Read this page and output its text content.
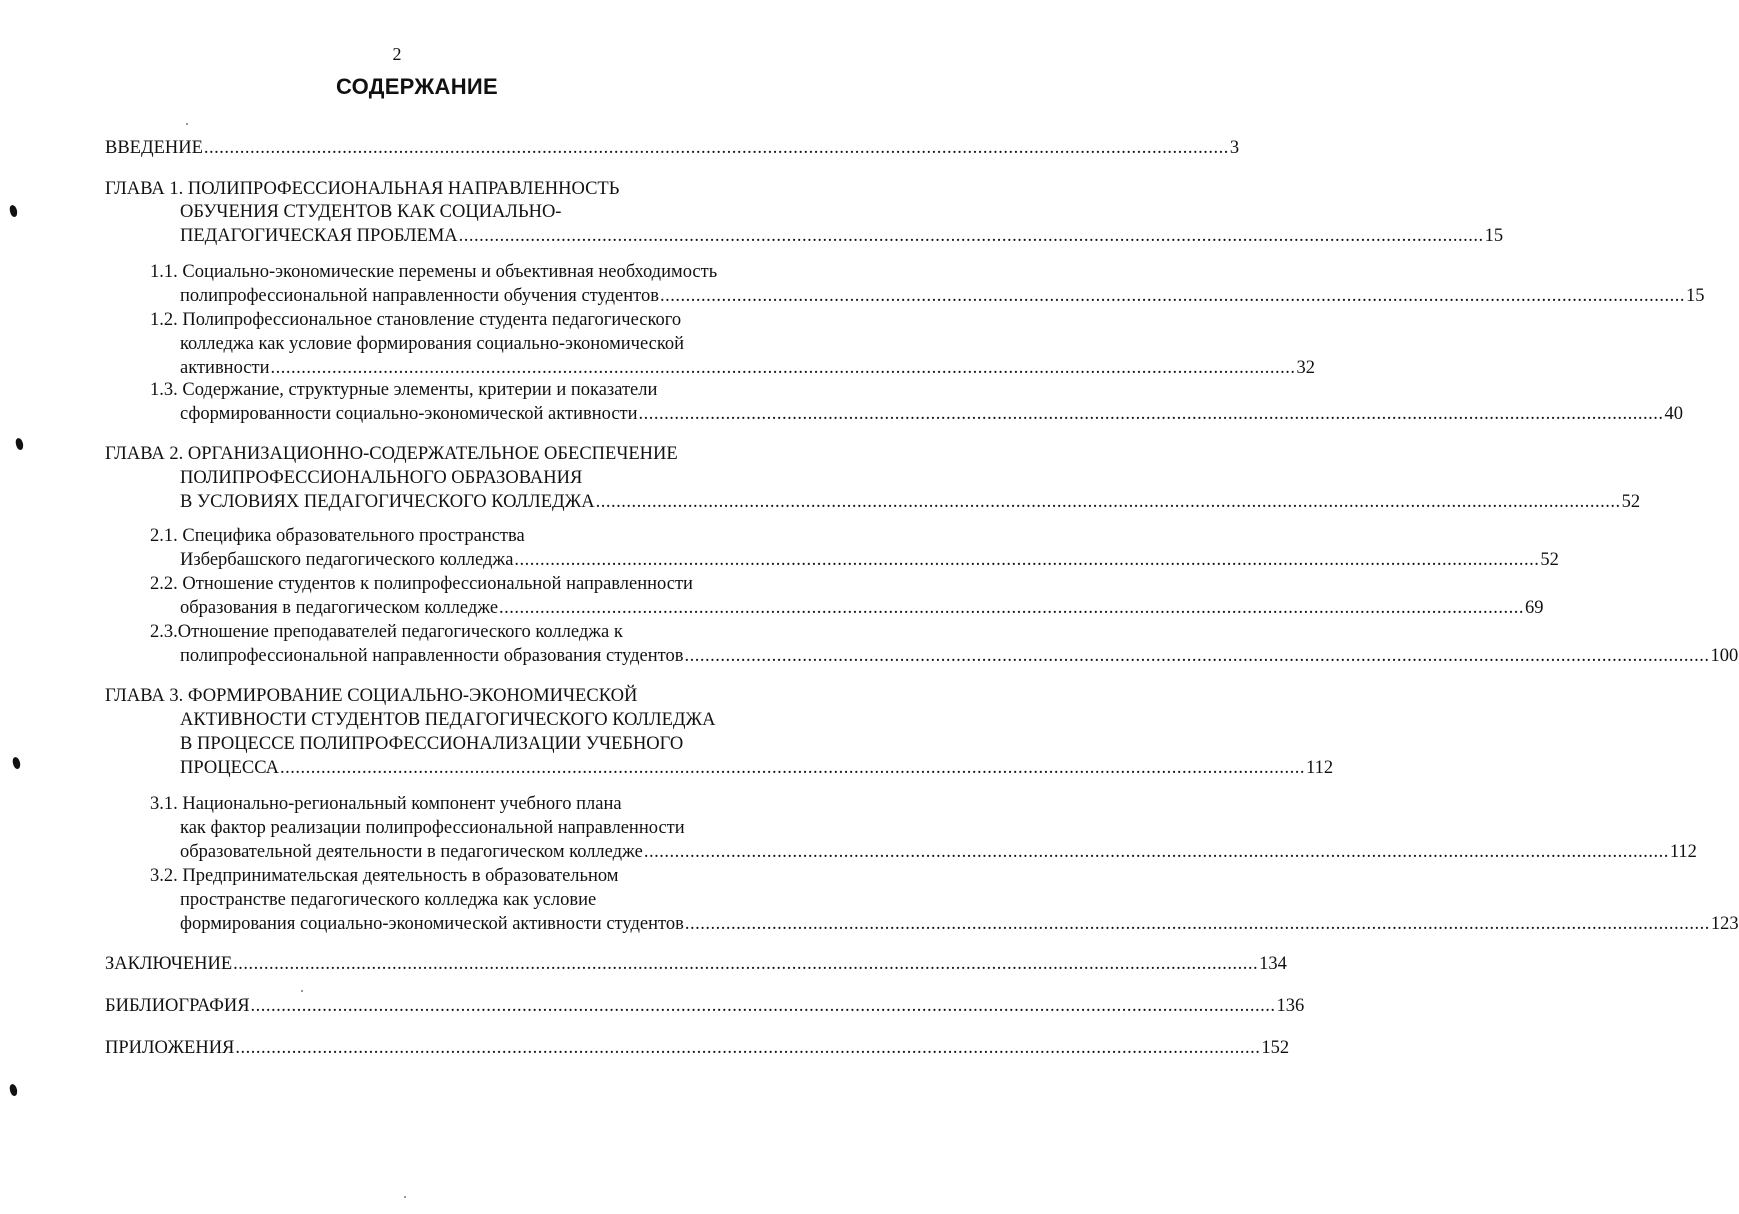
2
СОДЕРЖАНИЕ
ВВЕДЕНИЕ ........................................................................................................................................................................................................ 3
ГЛАВА 1. ПОЛИПРОФЕССИОНАЛЬНАЯ НАПРАВЛЕННОСТЬ
ОБУЧЕНИЯ СТУДЕНТОВ КАК СОЦИАЛЬНО-
ПЕДАГОГИЧЕСКАЯ ПРОБЛЕМА ........................................................................................................................................................................................................ 15
1.1. Социально-экономические перемены и объективная необходимость
полипрофессиональной направленности обучения студентов ........................................................................................................................................................................................................ 15
1.2. Полипрофессиональное становление студента педагогического
колледжа как условие формирования социально-экономической
активности ........................................................................................................................................................................................................ 32
1.3. Содержание, структурные элементы, критерии и показатели
сформированности социально-экономической активности ........................................................................................................................................................................................................ 40
ГЛАВА 2. ОРГАНИЗАЦИОННО-СОДЕРЖАТЕЛЬНОЕ ОБЕСПЕЧЕНИЕ
ПОЛИПРОФЕССИОНАЛЬНОГО ОБРАЗОВАНИЯ
В УСЛОВИЯХ ПЕДАГОГИЧЕСКОГО КОЛЛЕДЖА ........................................................................................................................................................................................................ 52
2.1. Специфика образовательного пространства
Избербашского педагогического колледжа ........................................................................................................................................................................................................ 52
2.2. Отношение студентов к полипрофессиональной направленности
образования в педагогическом колледже ........................................................................................................................................................................................................ 69
2.3.Отношение преподавателей педагогического колледжа к
полипрофессиональной направленности образования студентов ........................................................................................................................................................................................................ 100
ГЛАВА 3. ФОРМИРОВАНИЕ СОЦИАЛЬНО-ЭКОНОМИЧЕСКОЙ
АКТИВНОСТИ СТУДЕНТОВ ПЕДАГОГИЧЕСКОГО КОЛЛЕДЖА
В ПРОЦЕССЕ ПОЛИПРОФЕССИОНАЛИЗАЦИИ УЧЕБНОГО
ПРОЦЕССА ........................................................................................................................................................................................................ 112
3.1. Национально-региональный компонент учебного плана
как фактор реализации полипрофессиональной направленности
образовательной деятельности в педагогическом колледже ........................................................................................................................................................................................................ 112
3.2. Предпринимательская деятельность в образовательном
пространстве педагогического колледжа как условие
формирования социально-экономической активности студентов ........................................................................................................................................................................................................ 123
ЗАКЛЮЧЕНИЕ ........................................................................................................................................................................................................ 134
БИБЛИОГРАФИЯ ........................................................................................................................................................................................................ 136
ПРИЛОЖЕНИЯ ........................................................................................................................................................................................................ 152
